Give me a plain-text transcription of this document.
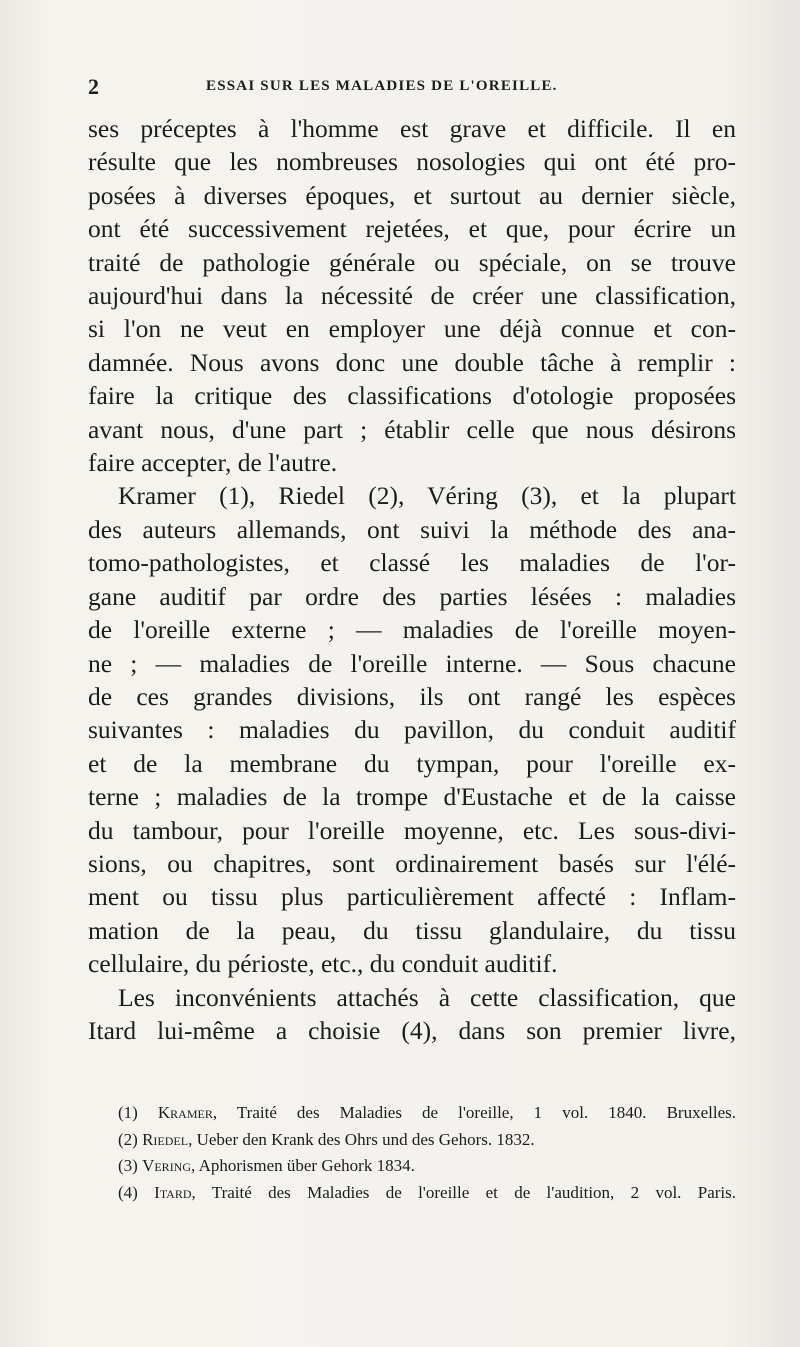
2	ESSAI SUR LES MALADIES DE L'OREILLE.
ses préceptes à l'homme est grave et difficile. Il en
résulte que les nombreuses nosologies qui ont été pro-
posées à diverses époques, et surtout au dernier siècle,
ont été successivement rejetées, et que, pour écrire un
traité de pathologie générale ou spéciale, on se trouve
aujourd'hui dans la nécessité de créer une classification,
si l'on ne veut en employer une déjà connue et con-
damnée. Nous avons donc une double tâche à remplir :
faire la critique des classifications d'otologie proposées
avant nous, d'une part ; établir celle que nous désirons
faire accepter, de l'autre.
Kramer (1), Riedel (2), Véring (3), et la plupart
des auteurs allemands, ont suivi la méthode des ana-
tomo-pathologistes, et classé les maladies de l'or-
gane auditif par ordre des parties lésées : maladies
de l'oreille externe ; — maladies de l'oreille moyen-
ne ; — maladies de l'oreille interne. — Sous chacune
de ces grandes divisions, ils ont rangé les espèces
suivantes : maladies du pavillon, du conduit auditif
et de la membrane du tympan, pour l'oreille ex-
terne ; maladies de la trompe d'Eustache et de la caisse
du tambour, pour l'oreille moyenne, etc. Les sous-divi-
sions, ou chapitres, sont ordinairement basés sur l'élé-
ment ou tissu plus particulièrement affecté : Inflam-
mation de la peau, du tissu glandulaire, du tissu
cellulaire, du périoste, etc., du conduit auditif.
Les inconvénients attachés à cette classification, que
Itard lui-même a choisie (4), dans son premier livre,
(1) Kramer, Traité des Maladies de l'oreille, 1 vol. 1840. Bruxelles.
(2) Riedel, Ueber den Krank des Ohrs und des Gehors. 1832.
(3) Vering, Aphorismen über Gehork 1834.
(4) Itard, Traité des Maladies de l'oreille et de l'audition, 2 vol. Paris.
